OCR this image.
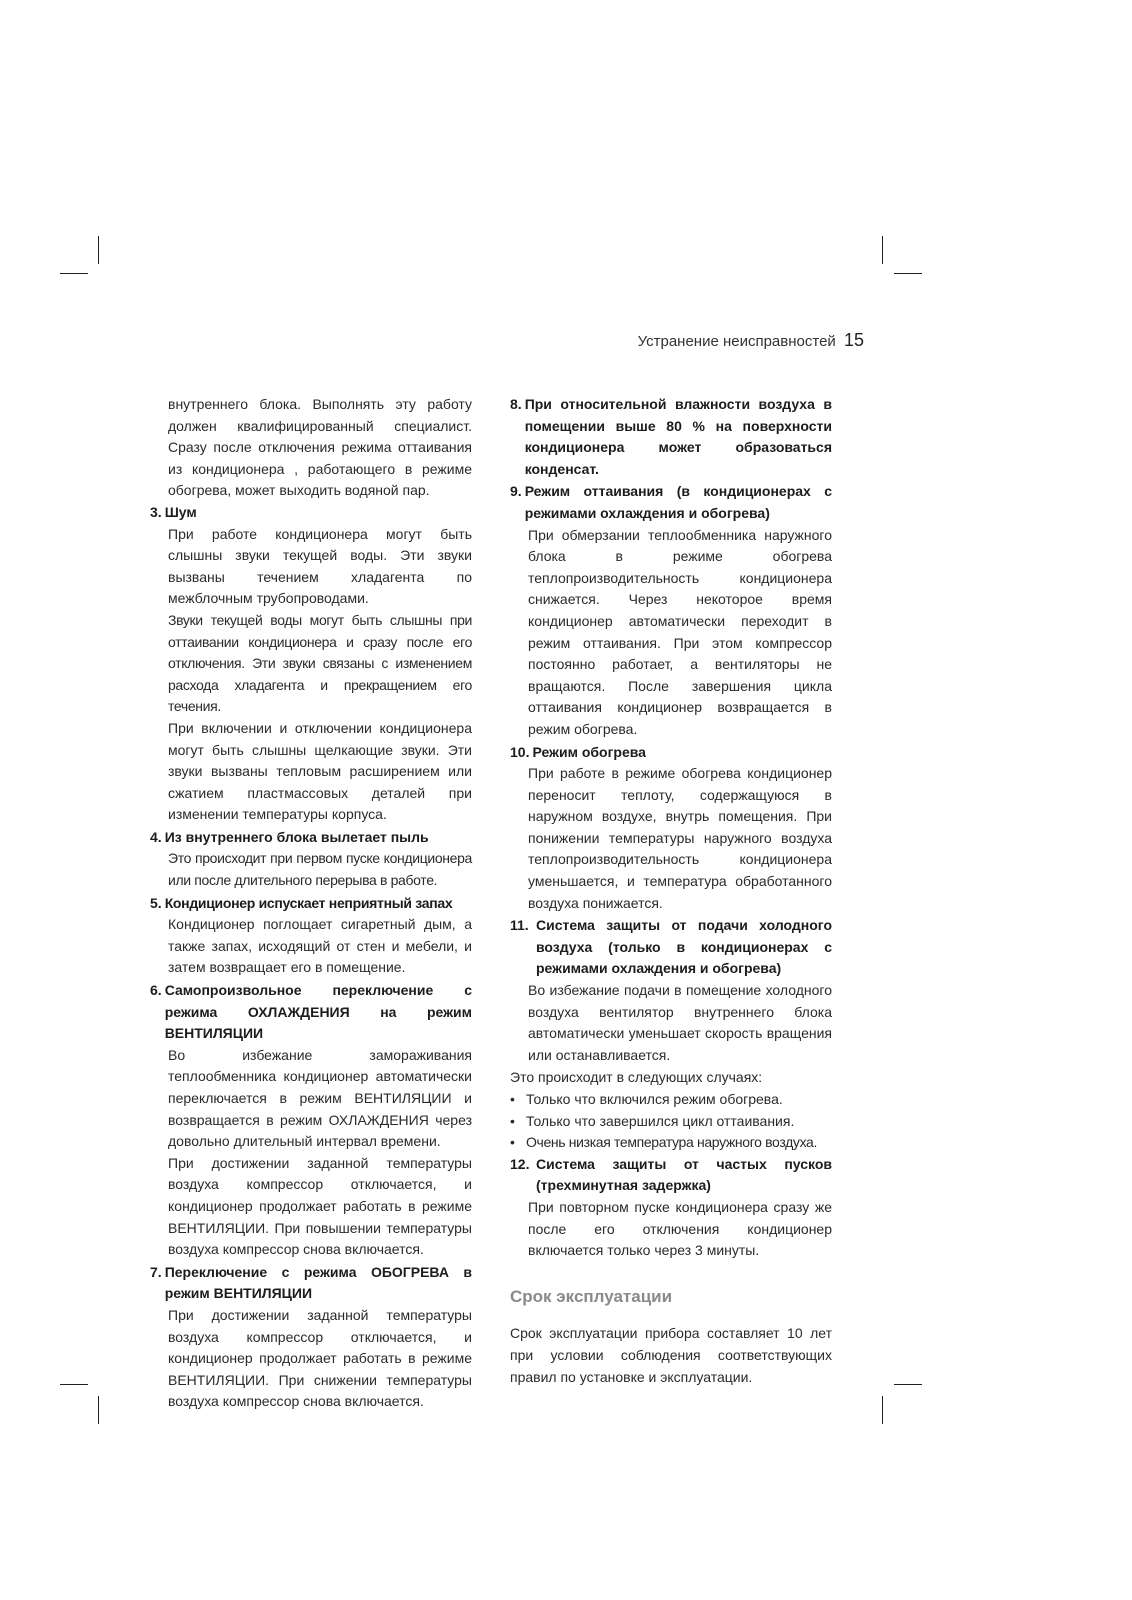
Устранение неисправностей 15

внутреннего блока. Выполнять эту работу должен квалифицированный специалист. Сразу после отключения режима оттаивания из кондиционера , работающего в режиме обогрева, может выходить водяной пар.

3. Шум

При работе кондиционера могут быть слышны звуки текущей воды. Эти звуки вызваны течением хладагента по межблочным трубопроводами.

Звуки текущей воды могут быть слышны при оттаивании кондиционера и сразу после его отключения. Эти звуки связаны с изменением расхода хладагента и прекращением его течения.

При включении и отключении кондиционера могут быть слышны щелкающие звуки. Эти звуки вызваны тепловым расширением или сжатием пластмассовых деталей при изменении температуры корпуса.

4. Из внутреннего блока вылетает пыль

Это происходит при первом пуске кондиционера или после длительного перерыва в работе.

5. Кондиционер испускает неприятный запах

Кондиционер поглощает сигаретный дым, а также запах, исходящий от стен и мебели, и затем возвращает его в помещение.

6. Самопроизвольное переключение с режима ОХЛАЖДЕНИЯ на режим ВЕНТИЛЯЦИИ

Во избежание замораживания теплообменника кондиционер автоматически переключается в режим ВЕНТИЛЯЦИИ и возвращается в режим ОХЛАЖДЕНИЯ через довольно длительный интервал времени.

При достижении заданной температуры воздуха компрессор отключается, и кондиционер продолжает работать в режиме ВЕНТИЛЯЦИИ. При повышении температуры воздуха компрессор снова включается.

7. Переключение с режима ОБОГРЕВА в режим ВЕНТИЛЯЦИИ

При достижении заданной температуры воздуха компрессор отключается, и кондиционер продолжает работать в режиме ВЕНТИЛЯЦИИ. При снижении температуры воздуха компрессор снова включается.

8. При относительной влажности воздуха в помещении выше 80 % на поверхности кондиционера может образоваться конденсат.
9. Режим оттаивания (в кондиционерах с режимами охлаждения и обогрева)

При обмерзании теплообменника наружного блока в режиме обогрева теплопроизводительность кондиционера снижается. Через некоторое время кондиционер автоматически переходит в режим оттаивания. При этом компрессор постоянно работает, а вентиляторы не вращаются. После завершения цикла оттаивания кондиционер возвращается в режим обогрева.

10. Режим обогрева

При работе в режиме обогрева кондиционер переносит теплоту, содержащуюся в наружном воздухе, внутрь помещения. При понижении температуры наружного воздуха теплопроизводительность кондиционера уменьшается, и температура обработанного воздуха понижается.

11. Система защиты от подачи холодного воздуха (только в кондиционерах с режимами охлаждения и обогрева)

Во избежание подачи в помещение холодного воздуха вентилятор внутреннего блока автоматически уменьшает скорость вращения или останавливается.

Это происходит в следующих случаях:

• Только что включился режим обогрева.
• Только что завершился цикл оттаивания.
• Очень низкая температура наружного воздуха.
12. Система защиты от частых пусков (трехминутная задержка)

При повторном пуске кондиционера сразу же после его отключения кондиционер включается только через 3 минуты.

Срок эксплуатации

Срок эксплуатации прибора составляет 10 лет при условии соблюдения соответствующих правил по установке и эксплуатации.
